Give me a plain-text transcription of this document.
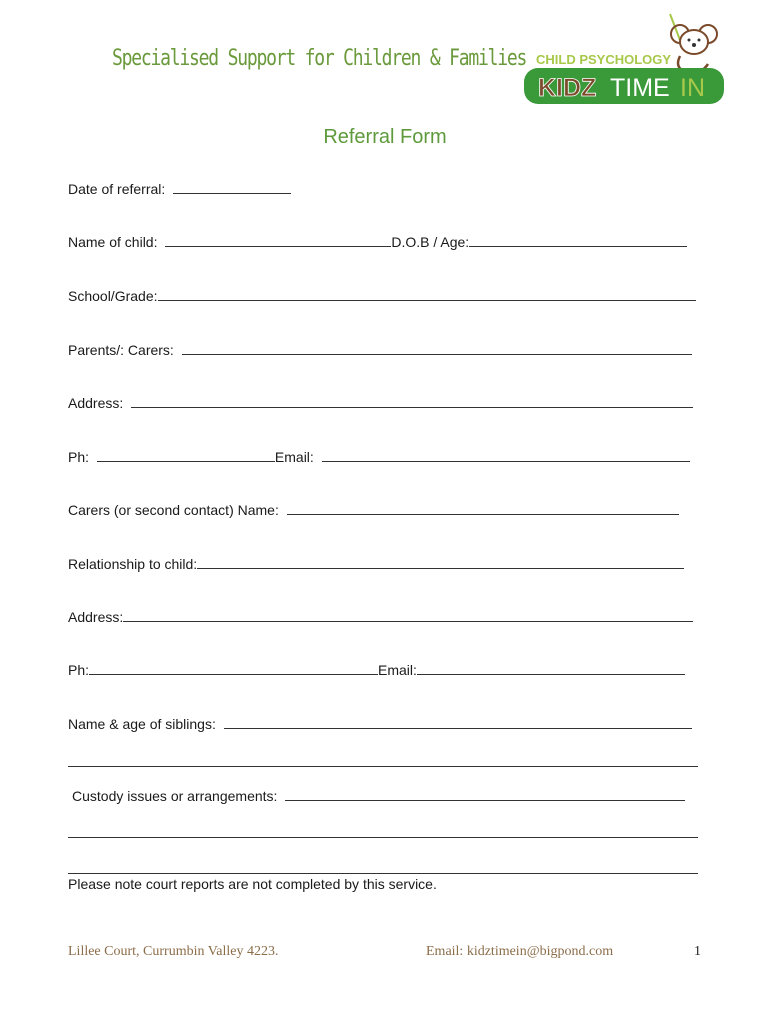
Specialised Support for Children & Families CHILD PSYCHOLOGY
KIDZ TIME IN
Referral Form
Date of referral:
Name of child:	D.O.B / Age:
School/Grade:
Parents/: Carers:
Address:
Ph:	Email:
Carers (or second contact) Name:
Relationship to child:
Address:
Ph:	Email:
Name & age of siblings:
Custody issues or arrangements:
Please note court reports are not completed by this service.
Lillee Court, Currumbin Valley 4223.	Email: kidztimein@bigpond.com	1
